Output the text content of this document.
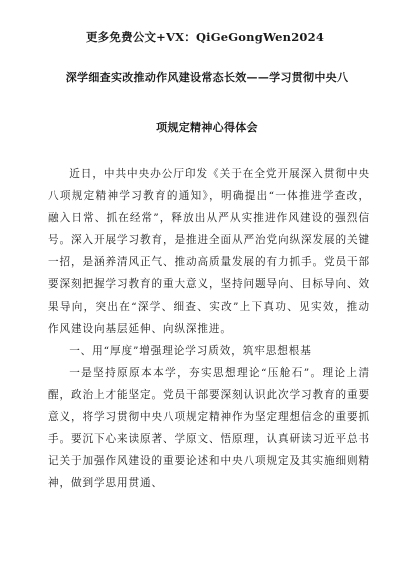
更多免费公文+VX：QiGeGongWen2024
深学细查实改推动作风建设常态长效——学习贯彻中央八
项规定精神心得体会

近日，中共中央办公厅印发《关于在全党开展深入贯彻中央八项规定精神学习教育的通知》，明确提出“一体推进学查改，融入日常、抓在经常”，释放出从严从实推进作风建设的强烈信号。深入开展学习教育，是推进全面从严治党向纵深发展的关键一招，是涵养清风正气、推动高质量发展的有力抓手。党员干部要深刻把握学习教育的重大意义，坚持问题导向、目标导向、效果导向，突出在“深学、细查、实改”上下真功、见实效，推动作风建设向基层延伸、向纵深推进。

一、用“厚度”增强理论学习质效，筑牢思想根基

一是坚持原原本本学，夯实思想理论“压舱石”。理论上清醒，政治上才能坚定。党员干部要深刻认识此次学习教育的重要意义，将学习贯彻中央八项规定精神作为坚定理想信念的重要抓手。要沉下心来读原著、学原文、悟原理，认真研读习近平总书记关于加强作风建设的重要论述和中央八项规定及其实施细则精神，做到学思用贯通、
